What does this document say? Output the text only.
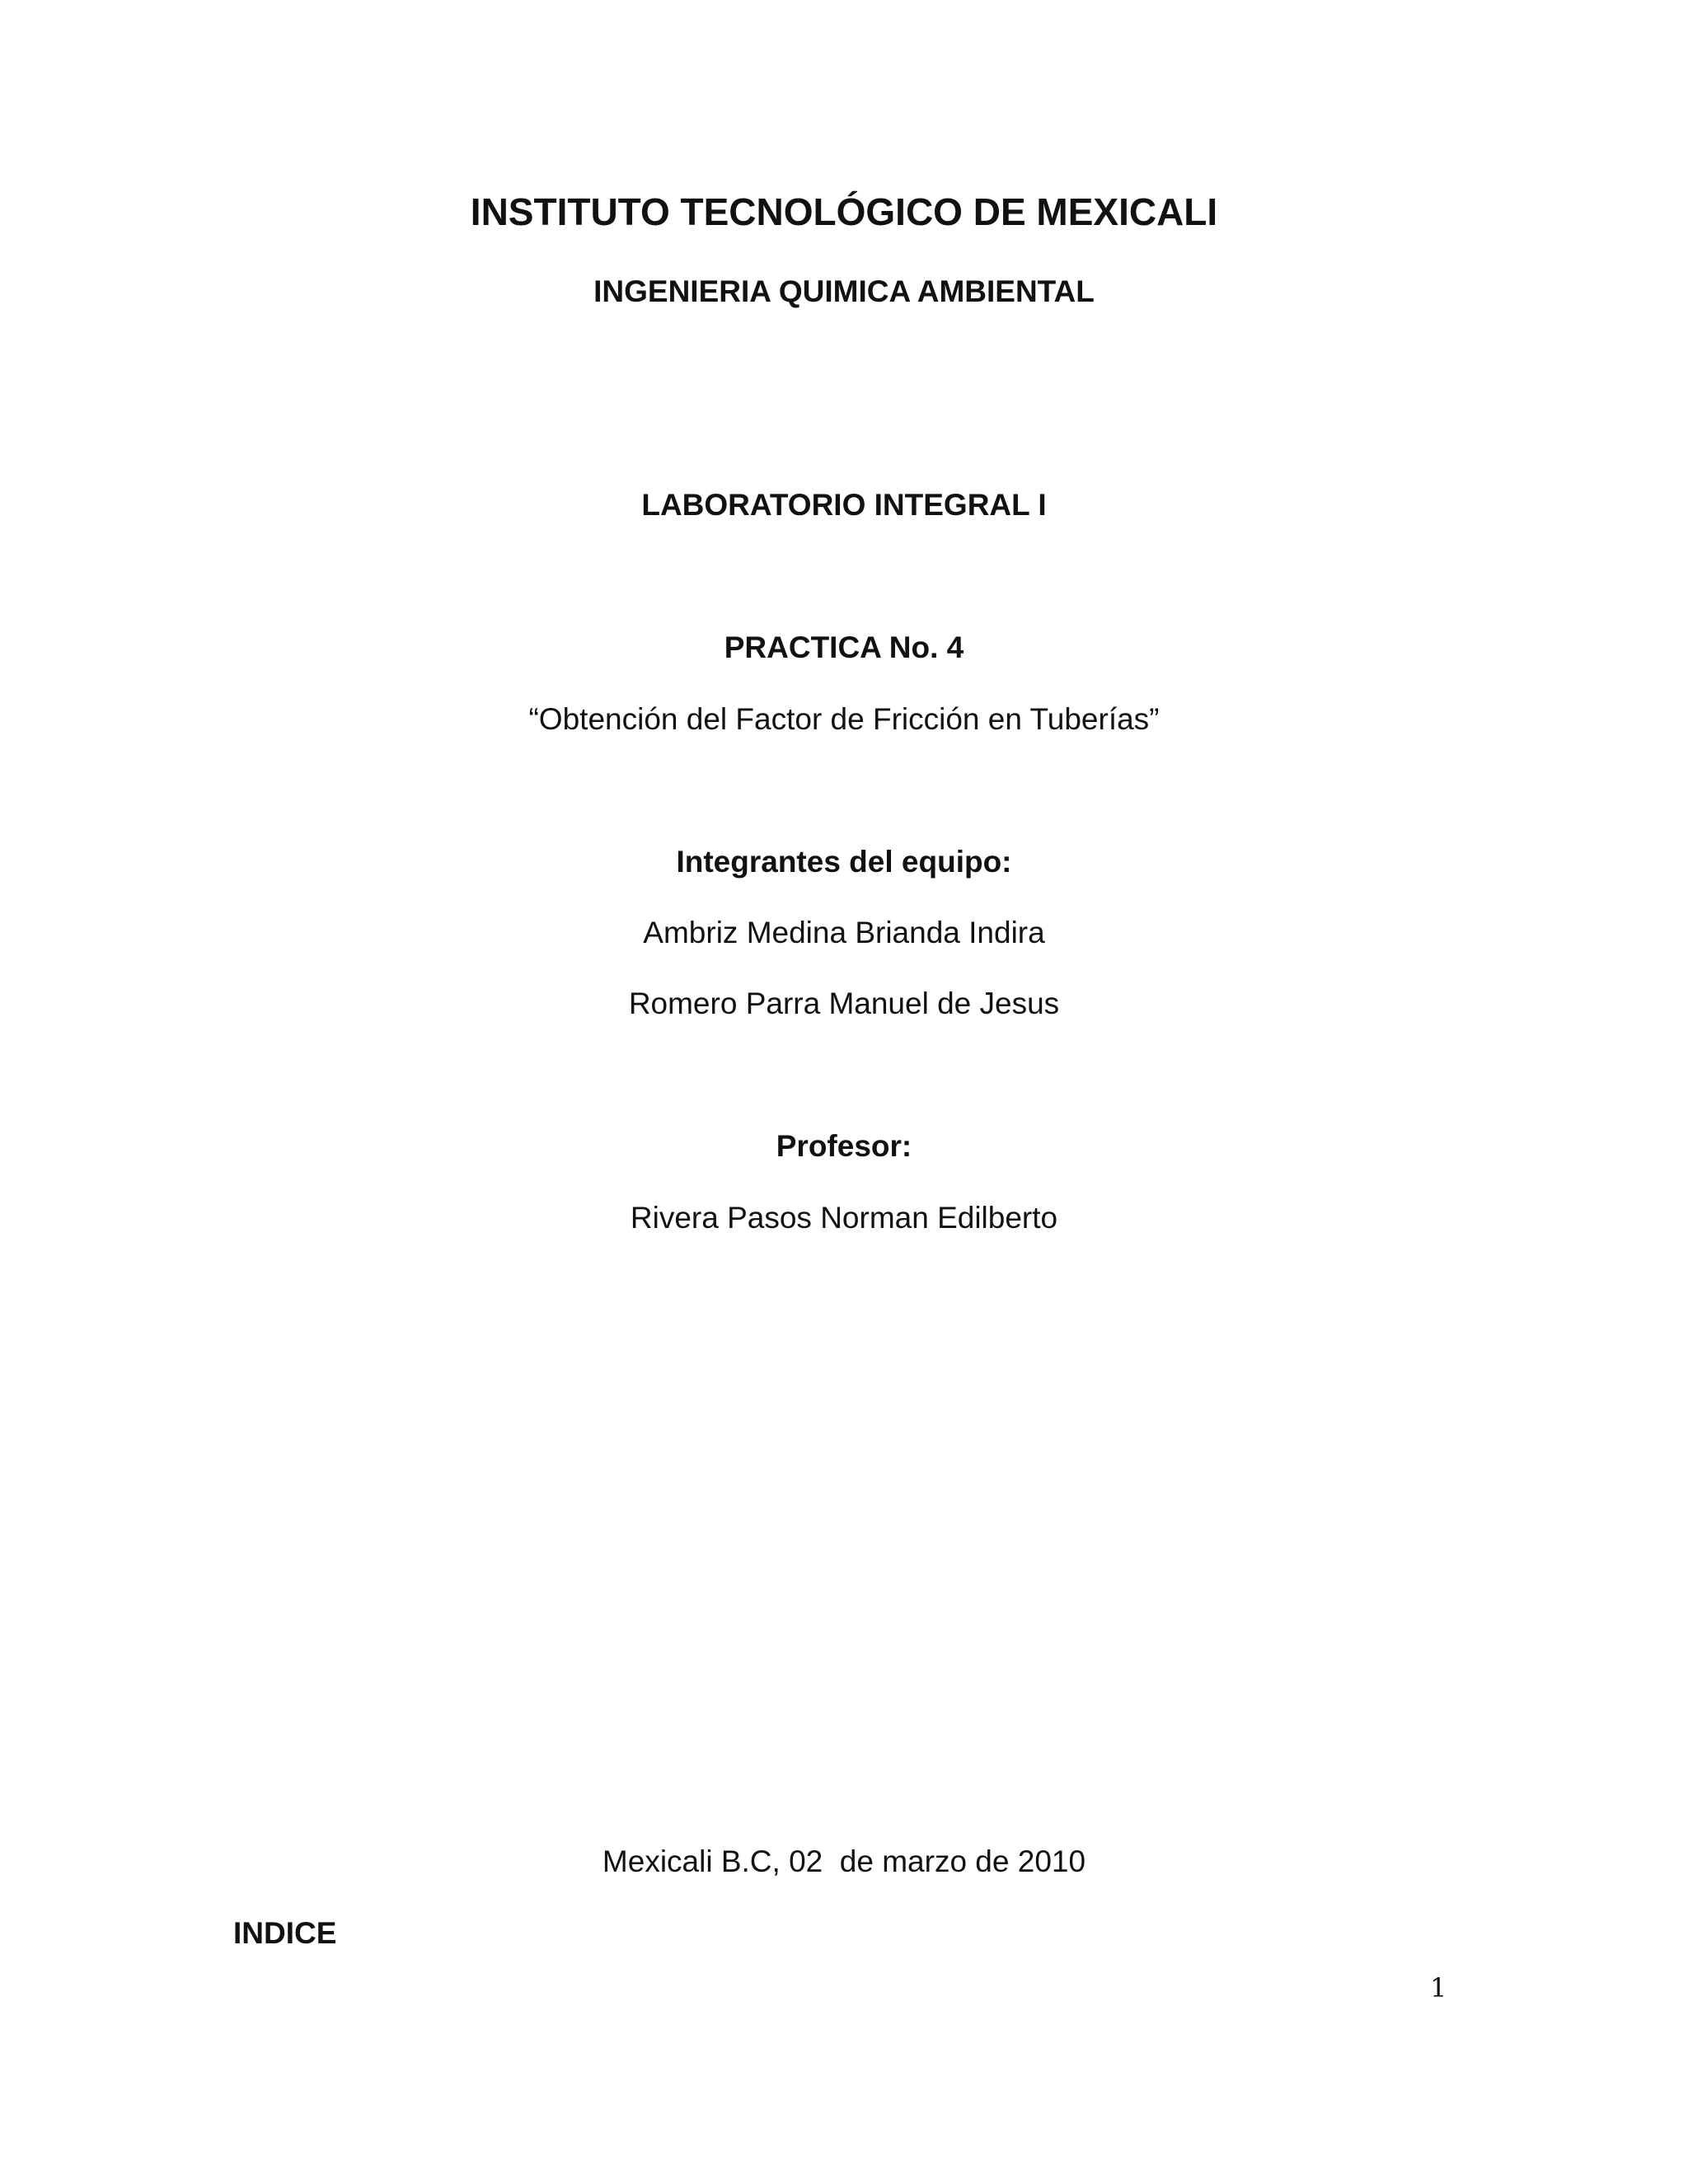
INSTITUTO TECNOLÓGICO DE MEXICALI
INGENIERIA QUIMICA AMBIENTAL
LABORATORIO INTEGRAL I
PRACTICA No. 4
“Obtención del Factor de Fricción en Tuberías”
Integrantes del equipo:
Ambriz Medina Brianda Indira
Romero Parra Manuel de Jesus
Profesor:
Rivera Pasos Norman Edilberto
Mexicali B.C, 02  de marzo de 2010
INDICE
1
